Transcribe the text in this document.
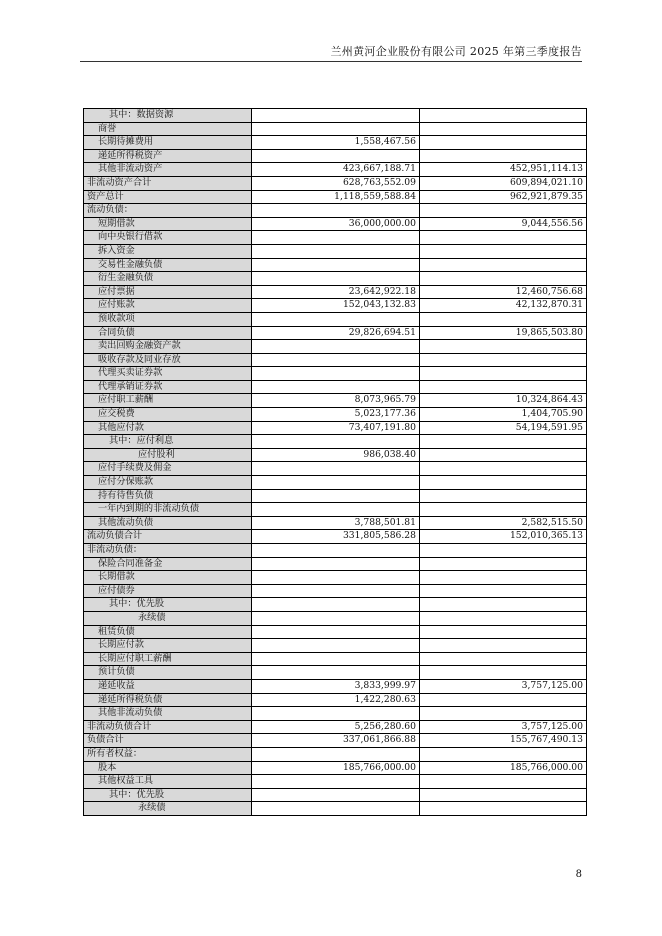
兰州黄河企业股份有限公司 2025 年第三季度报告
其中：数据资源		
商誉		
长期待摊费用	1,558,467.56	
递延所得税资产		
其他非流动资产	423,667,188.71	452,951,114.13
非流动资产合计	628,763,552.09	609,894,021.10
资产总计	1,118,559,588.84	962,921,879.35
流动负债：		
短期借款	36,000,000.00	9,044,556.56
向中央银行借款		
拆入资金		
交易性金融负债		
衍生金融负债		
应付票据	23,642,922.18	12,460,756.68
应付账款	152,043,132.83	42,132,870.31
预收款项		
合同负债	29,826,694.51	19,865,503.80
卖出回购金融资产款		
吸收存款及同业存放		
代理买卖证券款		
代理承销证券款		
应付职工薪酬	8,073,965.79	10,324,864.43
应交税费	5,023,177.36	1,404,705.90
其他应付款	73,407,191.80	54,194,591.95
其中：应付利息		
应付股利	986,038.40	
应付手续费及佣金		
应付分保账款		
持有待售负债		
一年内到期的非流动负债		
其他流动负债	3,788,501.81	2,582,515.50
流动负债合计	331,805,586.28	152,010,365.13
非流动负债：		
保险合同准备金		
长期借款		
应付债券		
其中：优先股		
永续债		
租赁负债		
长期应付款		
长期应付职工薪酬		
预计负债		
递延收益	3,833,999.97	3,757,125.00
递延所得税负债	1,422,280.63	
其他非流动负债		
非流动负债合计	5,256,280.60	3,757,125.00
负债合计	337,061,866.88	155,767,490.13
所有者权益：		
股本	185,766,000.00	185,766,000.00
其他权益工具		
其中：优先股		
永续债		
8
